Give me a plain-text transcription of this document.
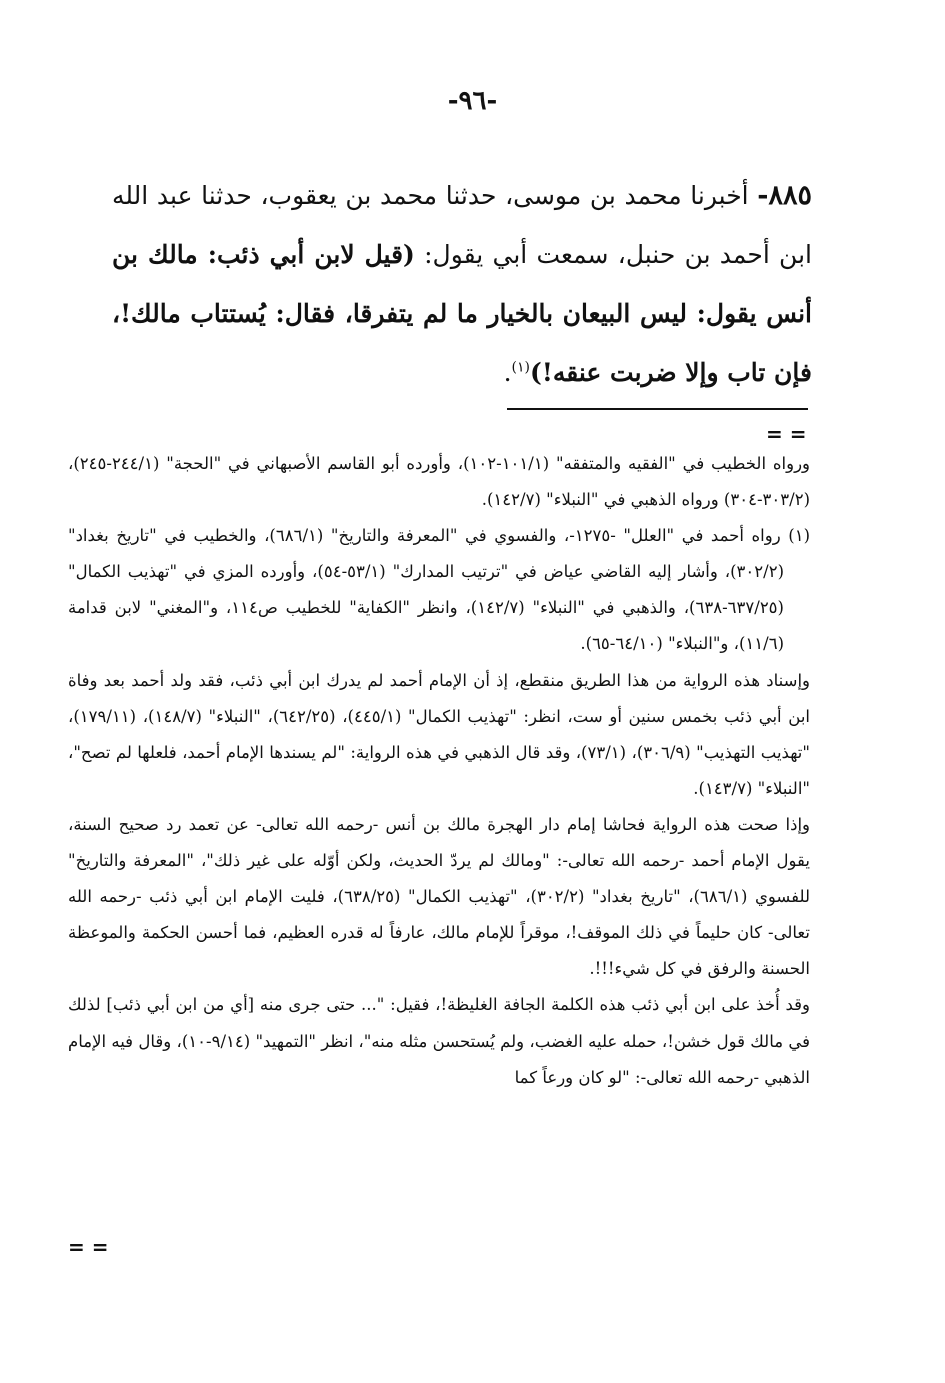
-٩٦-
٨٨٥- أخبرنا محمد بن موسى، حدثنا محمد بن يعقوب، حدثنا عبد الله ابن أحمد بن حنبل، سمعت أبي يقول: (قيل لابن أبي ذئب: مالك بن أنس يقول: ليس البيعان بالخيار ما لم يتفرقا، فقال: يُستتاب مالك!، فإن تاب وإلا ضربت عنقه!)$^{(١)}$.
= =

ورواه الخطيب في "الفقيه والمتفقه" (١٠١/١-١٠٢)، وأورده أبو القاسم الأصبهاني في "الحجة" (٢٤٤/١-٢٤٥)، (٣٠٣/٢-٣٠٤) ورواه الذهبي في "النبلاء" (١٤٢/٧).

(١) رواه أحمد في "العلل" -١٢٧٥-، والفسوي في "المعرفة والتاريخ" (٦٨٦/١)، والخطيب في "تاريخ بغداد" (٣٠٢/٢)، وأشار إليه القاضي عياض في "ترتيب المدارك" (٥٣/١-٥٤)، وأورده المزي في "تهذيب الكمال" (٦٣٧/٢٥-٦٣٨)، والذهبي في "النبلاء" (١٤٢/٧)، وانظر "الكفاية" للخطيب ص١١٤، و"المغني" لابن قدامة (١١/٦)، و"النبلاء" (٦٤/١٠-٦٥).

وإسناد هذه الرواية من هذا الطريق منقطع، إذ أن الإمام أحمد لم يدرك ابن أبي ذئب، فقد ولد أحمد بعد وفاة ابن أبي ذئب بخمس سنين أو ست، انظر: "تهذيب الكمال" (٤٤٥/١)، (٦٤٢/٢٥)، "النبلاء" (١٤٨/٧)، (١٧٩/١١)، "تهذيب التهذيب" (٣٠٦/٩)، (٧٣/١)، وقد قال الذهبي في هذه الرواية: "لم يسندها الإمام أحمد، فلعلها لم تصح"، "النبلاء" (١٤٣/٧).

وإذا صحت هذه الرواية فحاشا إمام دار الهجرة مالك بن أنس -رحمه الله تعالى- عن تعمد رد صحيح السنة، يقول الإمام أحمد -رحمه الله تعالى-: "ومالك لم يردّ الحديث، ولكن أوّله على غير ذلك"، "المعرفة والتاريخ" للفسوي (٦٨٦/١)، "تاريخ بغداد" (٣٠٢/٢)، "تهذيب الكمال" (٦٣٨/٢٥)، فليت الإمام ابن أبي ذئب -رحمه الله تعالى- كان حليماً في ذلك الموقف!، موقراً للإمام مالك، عارفاً له قدره العظيم، فما أحسن الحكمة والموعظة الحسنة والرفق في كل شيء!!!.

وقد أُخذ على ابن أبي ذئب هذه الكلمة الجافة الغليظة!، فقيل: "... حتى جرى منه [أي من ابن أبي ذئب] لذلك في مالك قول خشن!، حمله عليه الغضب، ولم يُستحسن مثله منه"، انظر "التمهيد" (٩/١٤-١٠)، وقال فيه الإمام الذهبي -رحمه الله تعالى-: "لو كان ورعاً كما

= =
